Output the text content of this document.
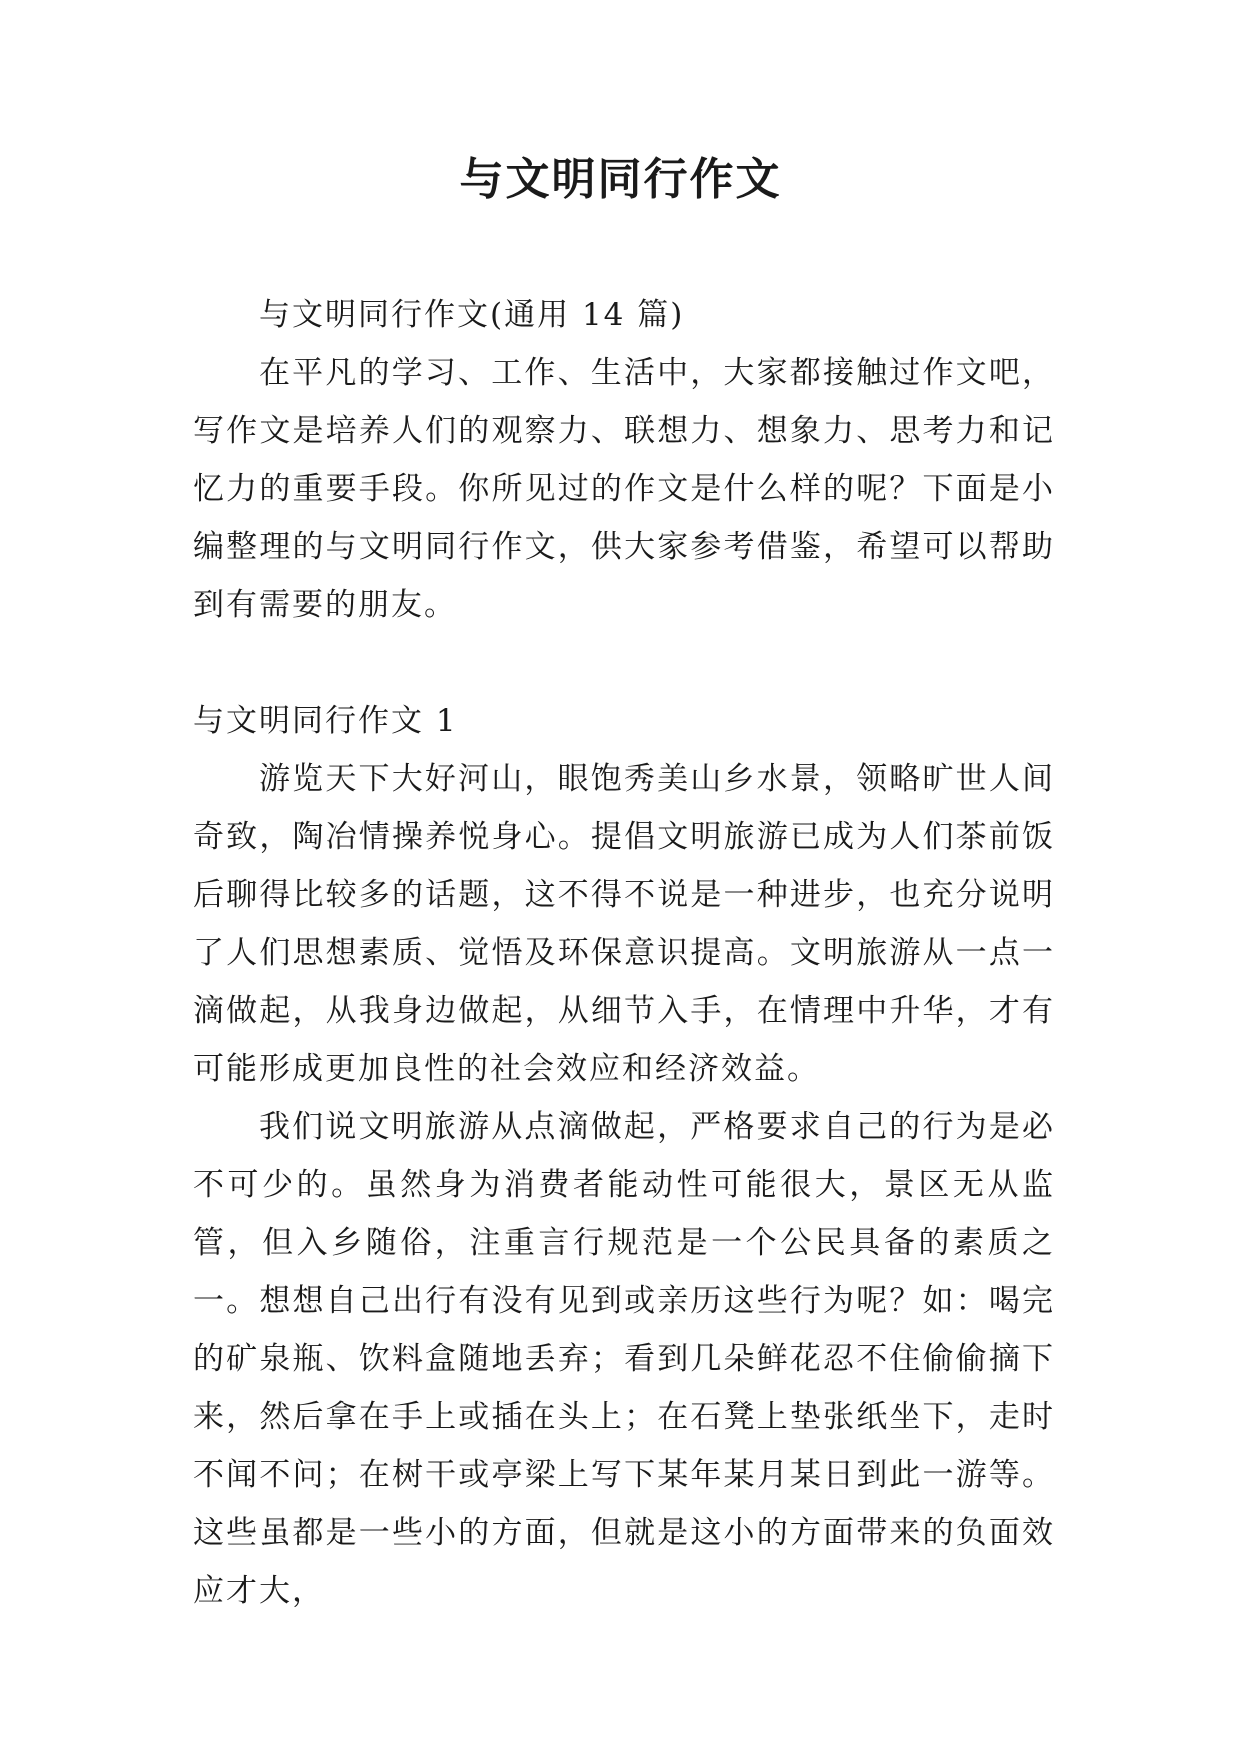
与文明同行作文

与文明同行作文(通用 14 篇)

在平凡的学习、工作、生活中，大家都接触过作文吧，写作文是培养人们的观察力、联想力、想象力、思考力和记忆力的重要手段。你所见过的作文是什么样的呢？下面是小编整理的与文明同行作文，供大家参考借鉴，希望可以帮助到有需要的朋友。

与文明同行作文 1

游览天下大好河山，眼饱秀美山乡水景，领略旷世人间奇致，陶冶情操养悦身心。提倡文明旅游已成为人们茶前饭后聊得比较多的话题，这不得不说是一种进步，也充分说明了人们思想素质、觉悟及环保意识提高。文明旅游从一点一滴做起，从我身边做起，从细节入手，在情理中升华，才有可能形成更加良性的社会效应和经济效益。

我们说文明旅游从点滴做起，严格要求自己的行为是必不可少的。虽然身为消费者能动性可能很大，景区无从监管，但入乡随俗，注重言行规范是一个公民具备的素质之一。想想自己出行有没有见到或亲历这些行为呢？如：喝完的矿泉瓶、饮料盒随地丢弃；看到几朵鲜花忍不住偷偷摘下来，然后拿在手上或插在头上；在石凳上垫张纸坐下，走时不闻不问；在树干或亭梁上写下某年某月某日到此一游等。这些虽都是一些小的方面，但就是这小的方面带来的负面效应才大，
